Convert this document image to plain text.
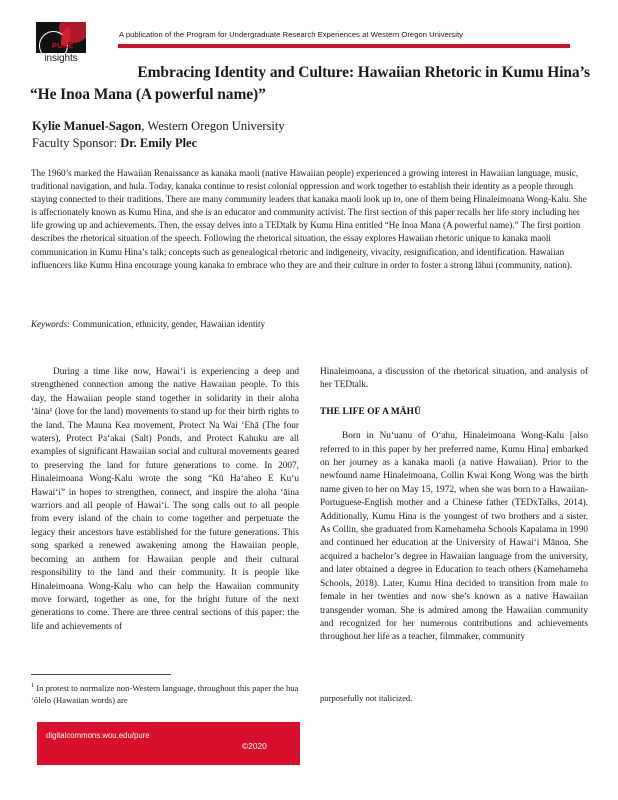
PURE
insights
A publication of the Program for Undergraduate Research Experiences at Western Oregon University
Embracing Identity and Culture: Hawaiian Rhetoric in Kumu Hina’s
“He Inoa Mana (A powerful name)”
Kylie Manuel-Sagon, Western Oregon University
Faculty Sponsor: Dr. Emily Plec
The 1960’s marked the Hawaiian Renaissance as kanaka maoli (native Hawaiian people) experienced a growing interest in Hawaiian language, music, traditional navigation, and hula. Today, kanaka continue to resist colonial oppression and work together to establish their identity as a people through staying connected to their traditions. There are many community leaders that kanaka maoli look up to, one of them being Hinaleimoana Wong-Kalu. She is affectionately known as Kumu Hina, and she is an educator and community activist. The first section of this paper recalls her life story including her life growing up and achievements. Then, the essay delves into a TEDtalk by Kumu Hina entitled “He Inoa Mana (A powerful name).” The first portion describes the rhetorical situation of the speech. Following the rhetorical situation, the essay explores Hawaiian rhetoric unique to kanaka maoli communication in Kumu Hina’s talk; concepts such as genealogical rhetoric and indigeneity, vivacity, resignification, and identification. Hawaiian influencers like Kumu Hina encourage young kanaka to embrace who they are and their culture in order to foster a strong lāhui (community, nation).
Keywords: Communication, ethnicity, gender, Hawaiian identity

During a time like now, Hawai‘i is experiencing a deep and strengthened connection among the native Hawaiian people. To this day, the Hawaiian people stand together in solidarity in their aloha ‘āina¹ (love for the land) movements to stand up for their birth rights to the land. The Mauna Kea movement, Protect Na Wai ‘Ehā (The four waters), Protect Pa‘akai (Salt) Ponds, and Protect Kahuku are all examples of significant Hawaiian social and cultural movements geared to preserving the land for future generations to come. In 2007, Hinaleimoana Wong-Kalu wrote the song “Kū Ha‘aheo E Ku‘u Hawai‘i” in hopes to strengthen, connect, and inspire the aloha ‘āina warriors and all people of Hawai‘i. The song calls out to all people from every island of the chain to come together and perpetuate the legacy their ancestors have established for the future generations. This song sparked a renewed awakening among the Hawaiian people, becoming an anthem for Hawaiian people and their cultural responsibility to the land and their community. It is people like Hinaleimoana Wong-Kalu who can help the Hawaiian community move forward, together as one, for the bright future of the next generations to come. There are three central sections of this paper: the life and achievements of

Hinaleimoana, a discussion of the rhetorical situation, and analysis of her TEDtalk.

THE LIFE OF A MĀHŪ

Born in Nu‘uanu of O‘ahu, Hinaleimoana Wong-Kalu [also referred to in this paper by her preferred name, Kumu Hina] embarked on her journey as a kanaka maoli (a native Hawaiian). Prior to the newfound name Hinaleimoana, Collin Kwai Kong Wong was the birth name given to her on May 15, 1972, when she was born to a Hawaiian-Portuguese-English mother and a Chinese father (TEDxTalks, 2014). Additionally, Kumu Hina is the youngest of two brothers and a sister. As Collin, she graduated from Kamehameha Schools Kapalama in 1990 and continued her education at the University of Hawai‘i Mānoa. She acquired a bachelor’s degree in Hawaiian language from the university, and later obtained a degree in Education to teach others (Kamehameha Schools, 2018). Later, Kumu Hina decided to transition from male to female in her twenties and now she’s known as a native Hawaiian transgender woman. She is admired among the Hawaiian community and recognized for her numerous contributions and achievements throughout her life as a teacher, filmmaker, community

$^1$ In protest to normalize non-Western language, throughout this paper the hua ‘ōlelo (Hawaiian words) are	purposefully not italicized.
digitalcommons.wou.edu/pure
©2020
